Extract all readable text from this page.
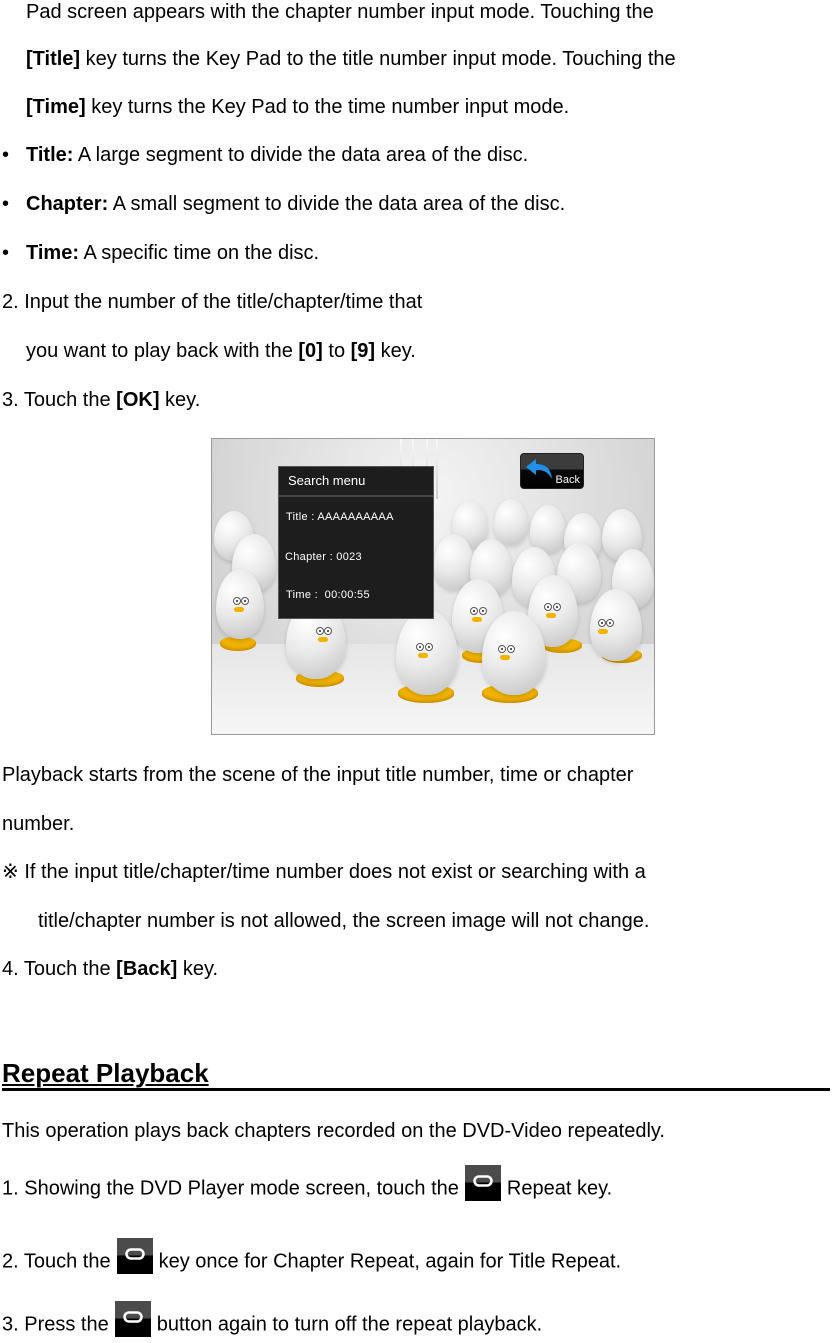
Pad screen appears with the chapter number input mode. Touching the
[Title] key turns the Key Pad to the title number input mode. Touching the
[Time] key turns the Key Pad to the time number input mode.
• Title: A large segment to divide the data area of the disc.
• Chapter: A small segment to divide the data area of the disc.
• Time: A specific time on the disc.
2. Input the number of the title/chapter/time that
you want to play back with the [0] to [9] key.
3. Touch the [OK] key.
Search menu
Title : AAAAAAAAAA
Chapter : 0023
Time : 00:00:55
Back
Playback starts from the scene of the input title number, time or chapter
number.
※ If the input title/chapter/time number does not exist or searching with a
title/chapter number is not allowed, the screen image will not change.
4. Touch the [Back] key.
Repeat Playback
This operation plays back chapters recorded on the DVD-Video repeatedly.
1. Showing the DVD Player mode screen, touch the Repeat key.
2. Touch the key once for Chapter Repeat, again for Title Repeat.
3. Press the button again to turn off the repeat playback.
